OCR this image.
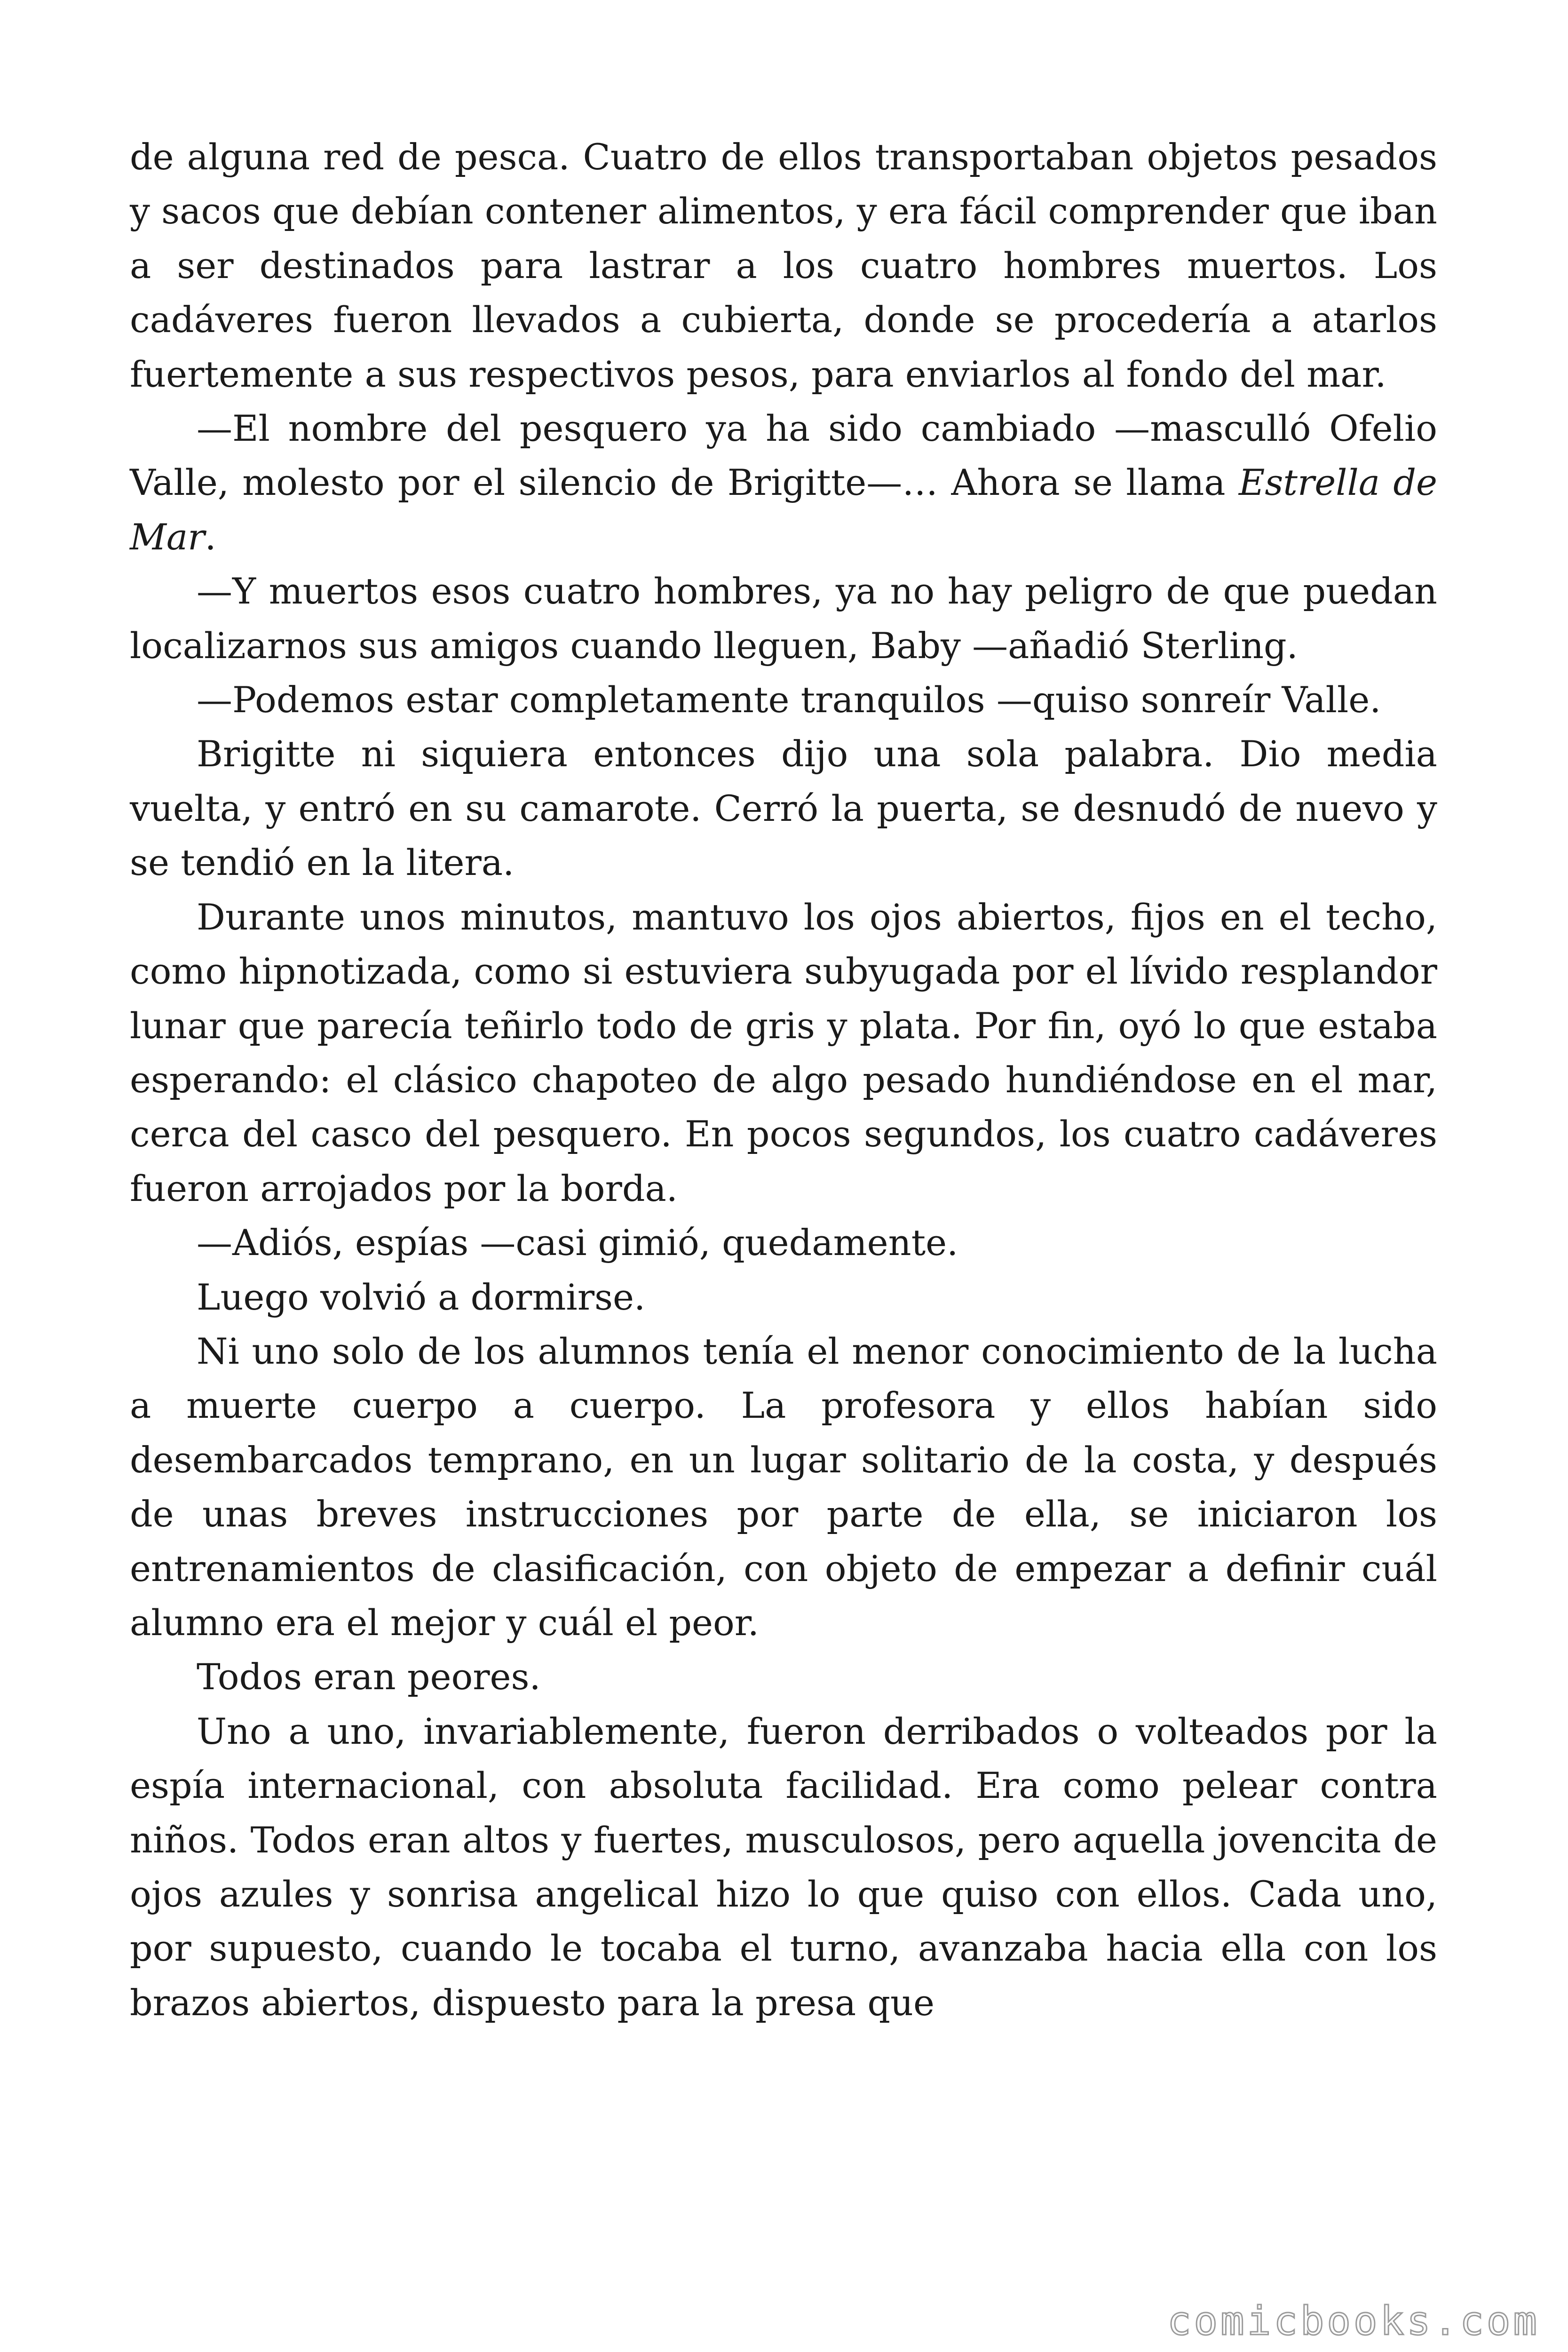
de alguna red de pesca. Cuatro de ellos transportaban objetos pesados y sacos que debían contener alimentos, y era fácil comprender que iban a ser destinados para lastrar a los cuatro hombres muertos. Los cadáveres fueron llevados a cubierta, donde se procedería a atarlos fuertemente a sus respectivos pesos, para enviarlos al fondo del mar.

—El nombre del pesquero ya ha sido cambiado —masculló Ofelio Valle, molesto por el silencio de Brigitte—… Ahora se llama Estrella de Mar.

—Y muertos esos cuatro hombres, ya no hay peligro de que puedan localizarnos sus amigos cuando lleguen, Baby —añadió Sterling.

—Podemos estar completamente tranquilos —quiso sonreír Valle.

Brigitte ni siquiera entonces dijo una sola palabra. Dio media vuelta, y entró en su camarote. Cerró la puerta, se desnudó de nuevo y se tendió en la litera.

Durante unos minutos, mantuvo los ojos abiertos, fijos en el techo, como hipnotizada, como si estuviera subyugada por el lívido resplandor lunar que parecía teñirlo todo de gris y plata. Por fin, oyó lo que estaba esperando: el clásico chapoteo de algo pesado hundiéndose en el mar, cerca del casco del pesquero. En pocos segundos, los cuatro cadáveres fueron arrojados por la borda.

—Adiós, espías —casi gimió, quedamente.

Luego volvió a dormirse.

Ni uno solo de los alumnos tenía el menor conocimiento de la lucha a muerte cuerpo a cuerpo. La profesora y ellos habían sido desembarcados temprano, en un lugar solitario de la costa, y después de unas breves instrucciones por parte de ella, se iniciaron los entrenamientos de clasificación, con objeto de empezar a definir cuál alumno era el mejor y cuál el peor.

Todos eran peores.

Uno a uno, invariablemente, fueron derribados o volteados por la espía internacional, con absoluta facilidad. Era como pelear contra niños. Todos eran altos y fuertes, musculosos, pero aquella jovencita de ojos azules y sonrisa angelical hizo lo que quiso con ellos. Cada uno, por supuesto, cuando le tocaba el turno, avanzaba hacia ella con los brazos abiertos, dispuesto para la presa que

comicbooks.com
